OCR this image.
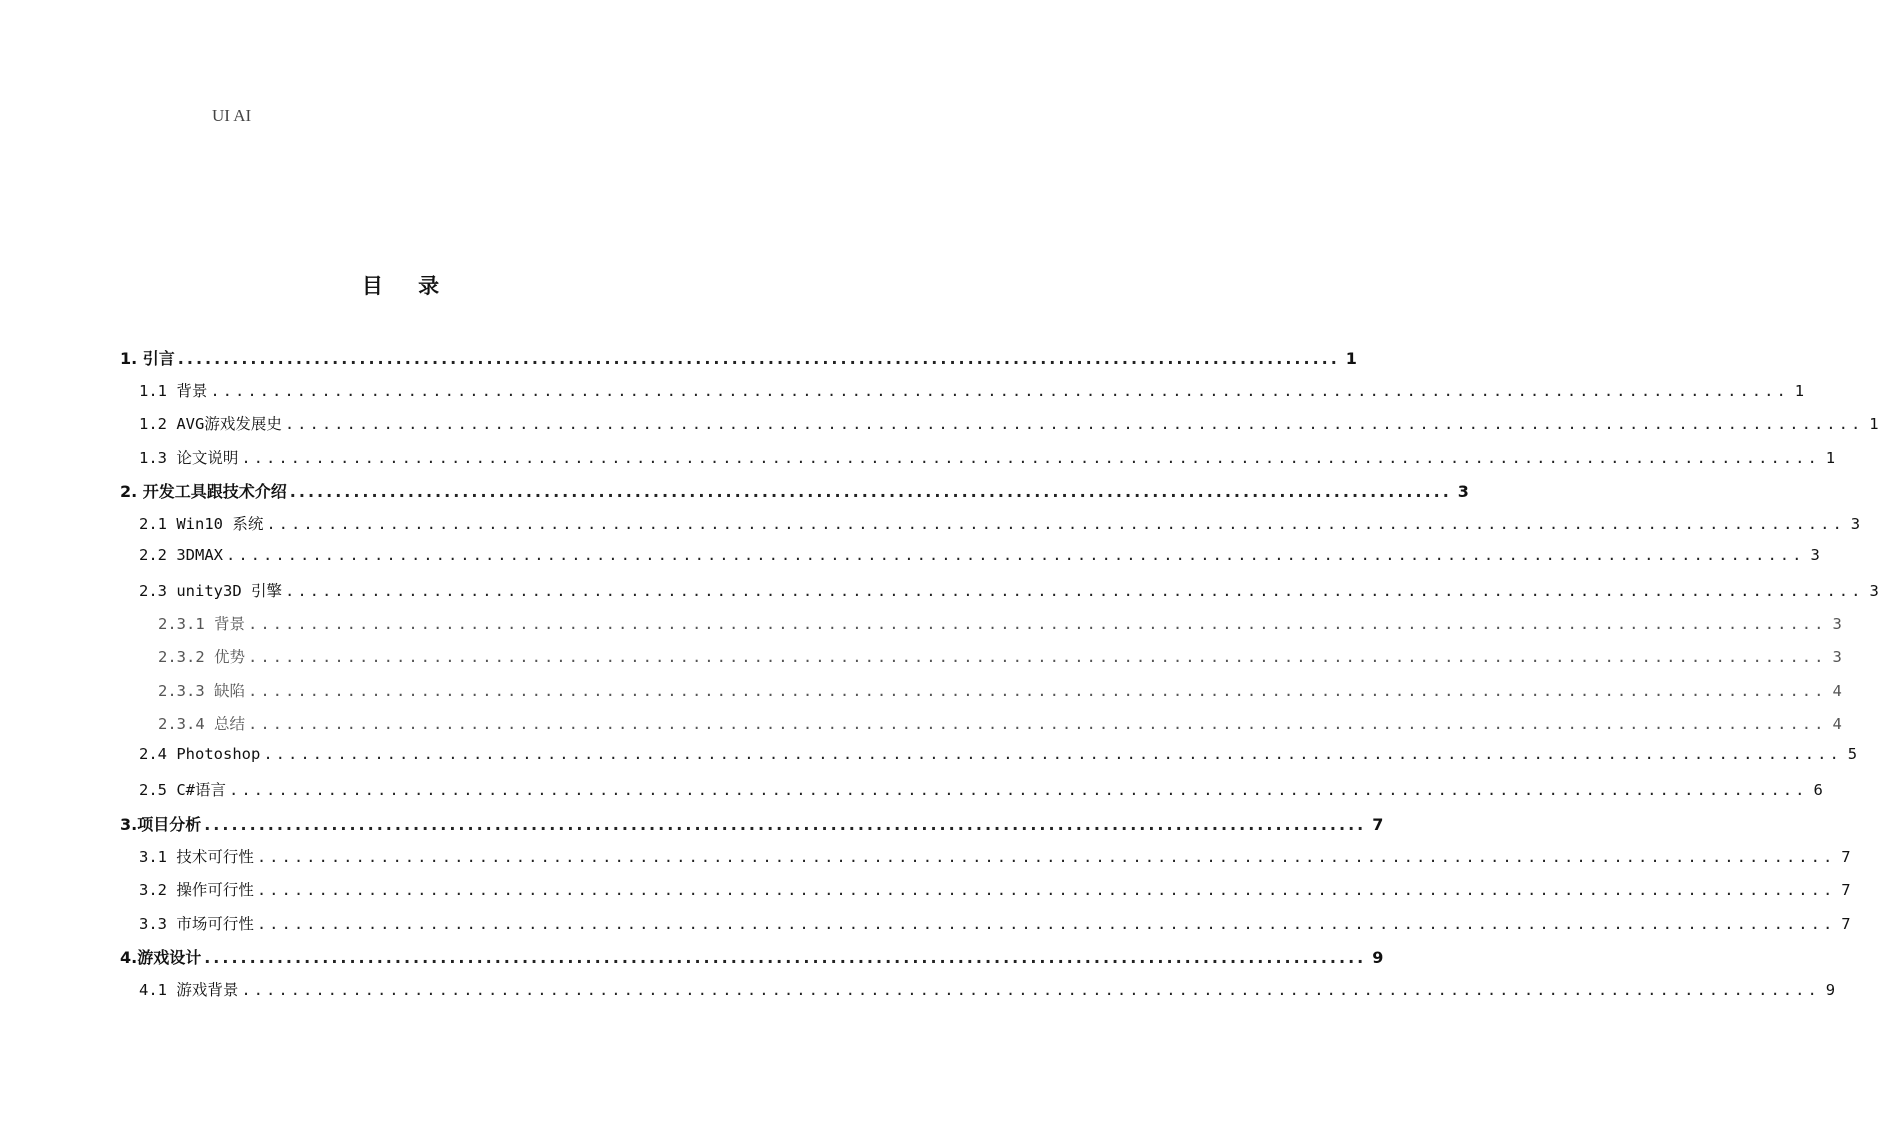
UI AI
目 录
1. 引言 ................................................................................................................................ 1
1.1 背景 ................................................................................................................................ 1
1.2 AVG游戏发展史 ................................................................................................................................ 1
1.3 论文说明 ................................................................................................................................ 1
2. 开发工具跟技术介绍 ................................................................................................................................ 3
2.1 Win10 系统 ................................................................................................................................ 3
2.2 3DMAX ................................................................................................................................ 3
2.3 unity3D 引擎 ................................................................................................................................ 3
2.3.1 背景 ................................................................................................................................ 3
2.3.2 优势 ................................................................................................................................ 3
2.3.3 缺陷 ................................................................................................................................ 4
2.3.4 总结 ................................................................................................................................ 4
2.4 Photoshop ................................................................................................................................ 5
2.5 C#语言 ................................................................................................................................ 6
3.项目分析 ................................................................................................................................ 7
3.1 技术可行性 ................................................................................................................................ 7
3.2 操作可行性 ................................................................................................................................ 7
3.3 市场可行性 ................................................................................................................................ 7
4.游戏设计 ................................................................................................................................ 9
4.1 游戏背景 ................................................................................................................................ 9
